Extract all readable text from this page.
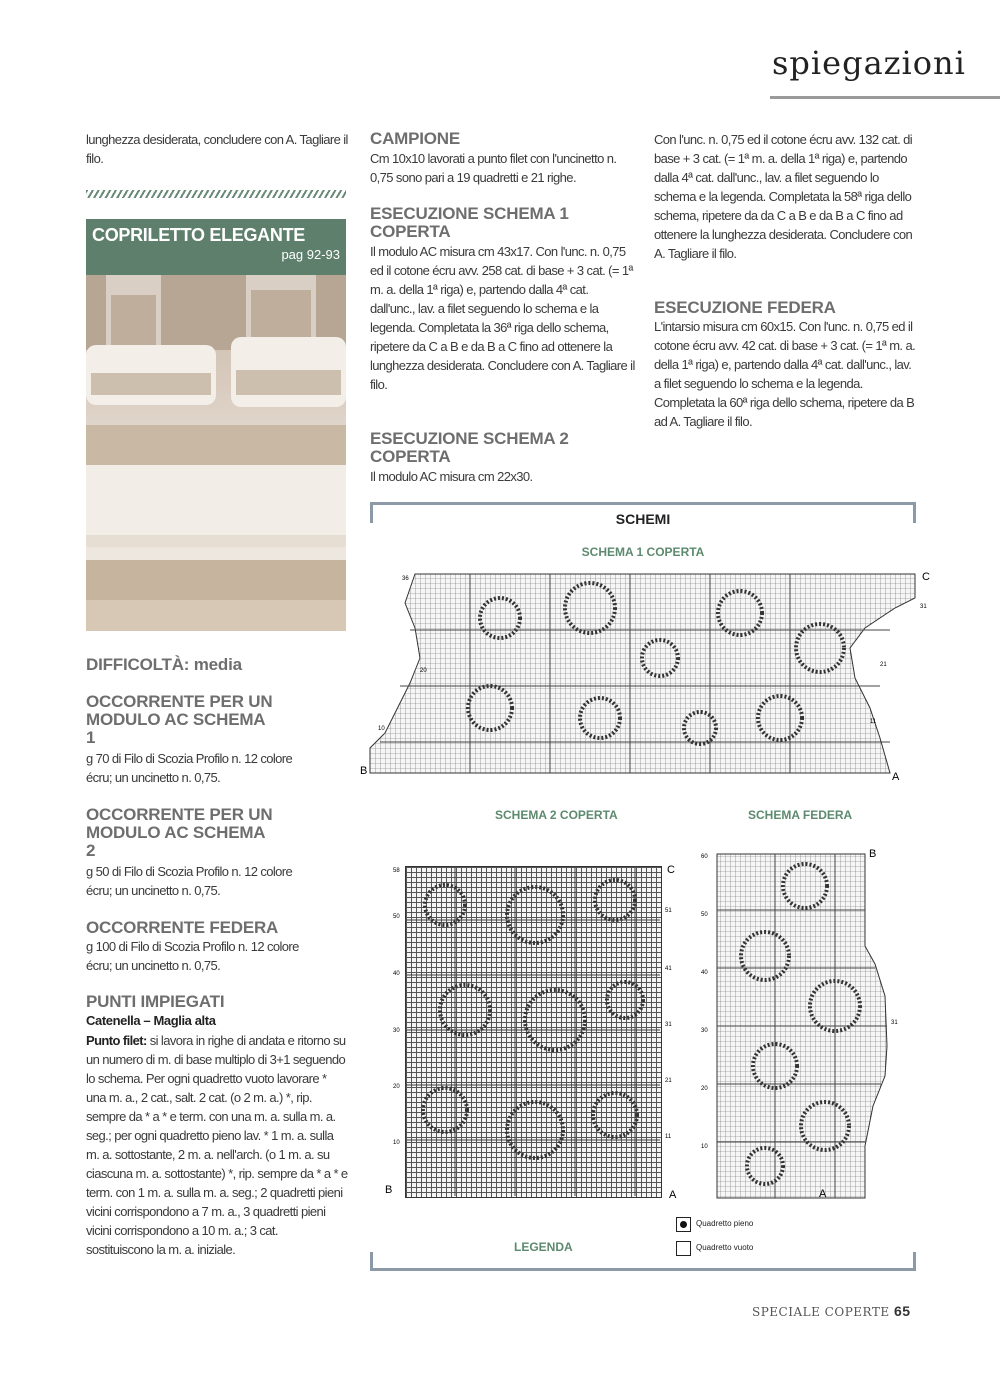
spiegazioni
lunghezza desiderata, concludere con A. Tagliare il filo.
COPRILETTO ELEGANTE
pag 92-93
DIFFICOLTÀ: media
OCCORRENTE PER UN MODULO AC SCHEMA 1
g 70 di Filo di Scozia Profilo n. 12 colore écru; un uncinetto n. 0,75.
OCCORRENTE PER UN MODULO AC SCHEMA 2
g 50 di Filo di Scozia Profilo n. 12 colore écru; un uncinetto n. 0,75.
OCCORRENTE FEDERA
g 100 di Filo di Scozia Profilo n. 12 colore écru; un uncinetto n. 0,75.
PUNTI IMPIEGATI
Catenella – Maglia alta
Punto filet: si lavora in righe di andata e ritorno su un numero di m. di base multiplo di 3+1 seguendo lo schema. Per ogni quadretto vuoto lavorare * una m. a., 2 cat., salt. 2 cat. (o 2 m. a.) *, rip. sempre da * a * e term. con una m. a. sulla m. a. seg.; per ogni quadretto pieno lav. * 1 m. a. sulla m. a. sottostante, 2 m. a. nell'arch. (o 1 m. a. su ciascuna m. a. sottostante) *, rip. sempre da * a * e term. con 1 m. a. sulla m. a. seg.; 2 quadretti pieni vicini corrispondono a 7 m. a., 3 quadretti pieni vicini corrispondono a 10 m. a.; 3 cat. sostituiscono la m. a. iniziale.
CAMPIONE
Cm 10x10 lavorati a punto filet con l'uncinetto n. 0,75 sono pari a 19 quadretti e 21 righe.
ESECUZIONE SCHEMA 1 COPERTA
Il modulo AC misura cm 43x17. Con l'unc. n. 0,75 ed il cotone écru avv. 258 cat. di base + 3 cat. (= 1ª m. a. della 1ª riga) e, partendo dalla 4ª cat. dall'unc., lav. a filet seguendo lo schema e la legenda. Completata la 36ª riga dello schema, ripetere da C a B e da B a C fino ad ottenere la lunghezza desiderata. Concludere con A. Tagliare il filo.
ESECUZIONE SCHEMA 2 COPERTA
Il modulo AC misura cm 22x30.
Con l'unc. n. 0,75 ed il cotone écru avv. 132 cat. di base + 3 cat. (= 1ª m. a. della 1ª riga) e, partendo dalla 4ª cat. dall'unc., lav. a filet seguendo lo schema e la legenda. Completata la 58ª riga dello schema, ripetere da da C a B e da B a C fino ad ottenere la lunghezza desiderata. Concludere con A. Tagliare il filo.
ESECUZIONE FEDERA
L'intarsio misura cm 60x15. Con l'unc. n. 0,75 ed il cotone écru avv. 42 cat. di base + 3 cat. (= 1ª m. a. della 1ª riga) e, partendo dalla 4ª cat. dall'unc., lav. a filet seguendo lo schema e la legenda. Completata la 60ª riga dello schema, ripetere da B ad A. Tagliare il filo.
SCHEMI
SCHEMA 1 COPERTA
36
31
20
21
10
11
C
B	A
SCHEMA 2 COPERTA	SCHEMA FEDERA
58
50
51
40
41
30
31
20
21
10
11
C
B	A
60
50
40
30
20
10
31
B
A
LEGENDA
Quadretto pieno
Quadretto vuoto
SPECIALE COPERTE 65
